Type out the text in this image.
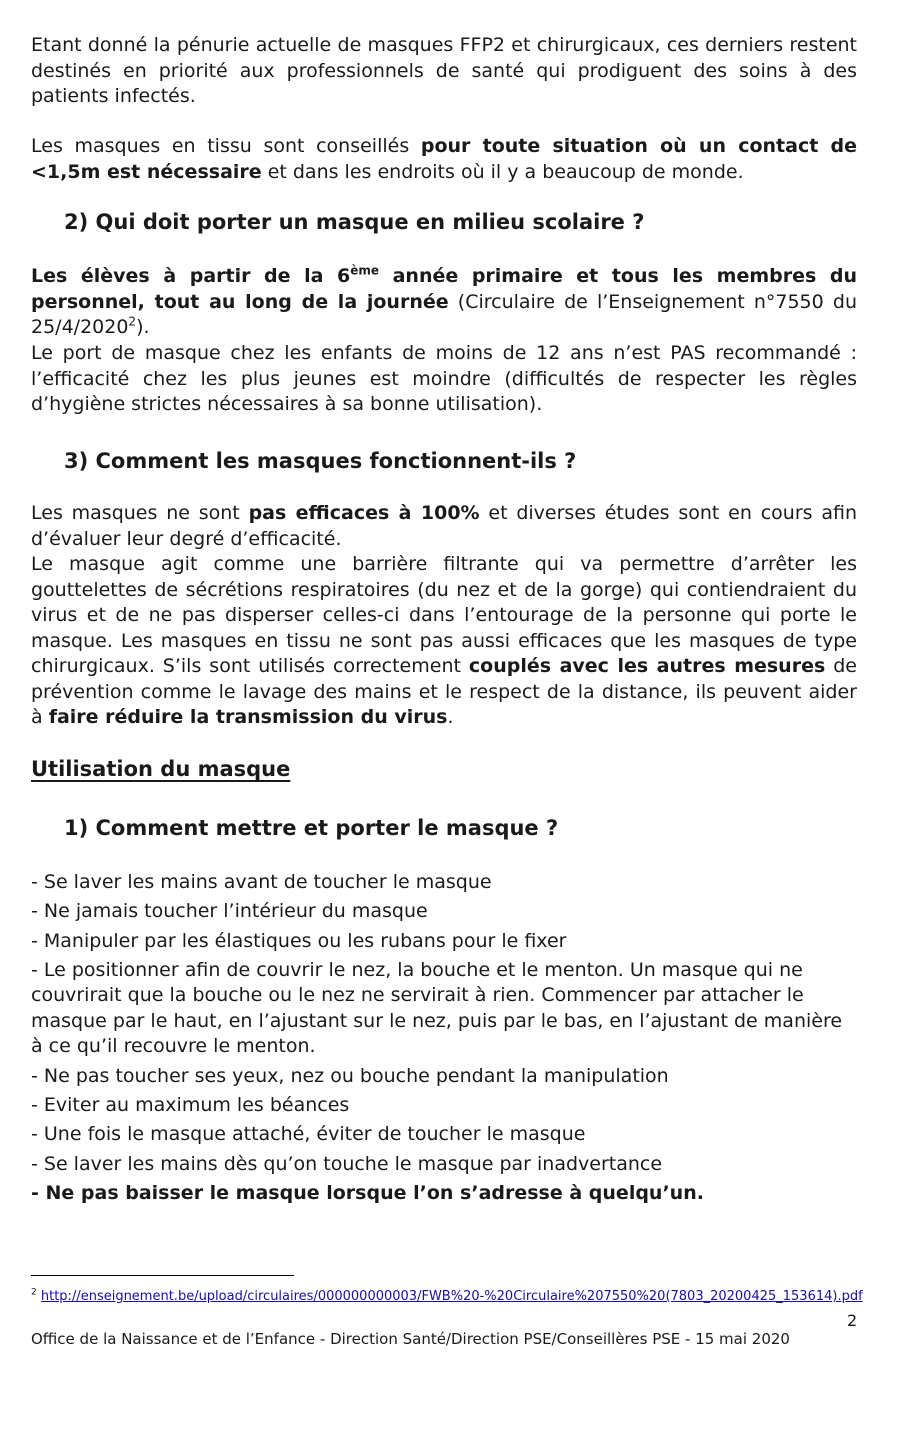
Etant donné la pénurie actuelle de masques FFP2 et chirurgicaux, ces derniers restent destinés en priorité aux professionnels de santé qui prodiguent des soins à des patients infectés.

Les masques en tissu sont conseillés pour toute situation où un contact de <1,5m est nécessaire et dans les endroits où il y a beaucoup de monde.

2) Qui doit porter un masque en milieu scolaire ?

Les élèves à partir de la 6ème année primaire et tous les membres du personnel, tout au long de la journée (Circulaire de l’Enseignement n°7550 du 25/4/2020$^2$).

Le port de masque chez les enfants de moins de 12 ans n’est PAS recommandé : l’efficacité chez les plus jeunes est moindre (difficultés de respecter les règles d’hygiène strictes nécessaires à sa bonne utilisation).

3) Comment les masques fonctionnent-ils ?

Les masques ne sont pas efficaces à 100% et diverses études sont en cours afin d’évaluer leur degré d’efficacité.

Le masque agit comme une barrière filtrante qui va permettre d’arrêter les gouttelettes de sécrétions respiratoires (du nez et de la gorge) qui contiendraient du virus et de ne pas disperser celles-ci dans l’entourage de la personne qui porte le masque. Les masques en tissu ne sont pas aussi efficaces que les masques de type chirurgicaux. S’ils sont utilisés correctement couplés avec les autres mesures de prévention comme le lavage des mains et le respect de la distance, ils peuvent aider à faire réduire la transmission du virus.

Utilisation du masque
1) Comment mettre et porter le masque ?
- Se laver les mains avant de toucher le masque
- Ne jamais toucher l’intérieur du masque
- Manipuler par les élastiques ou les rubans pour le fixer
- Le positionner afin de couvrir le nez, la bouche et le menton. Un masque qui ne couvrirait que la bouche ou le nez ne servirait à rien. Commencer par attacher le masque par le haut, en l’ajustant sur le nez, puis par le bas, en l’ajustant de manière à ce qu’il recouvre le menton.
- Ne pas toucher ses yeux, nez ou bouche pendant la manipulation
- Eviter au maximum les béances
- Une fois le masque attaché, éviter de toucher le masque
- Se laver les mains dès qu’on touche le masque par inadvertance
- Ne pas baisser le masque lorsque l’on s’adresse à quelqu’un.
$^2$ http://enseignement.be/upload/circulaires/000000000003/FWB%20-%20Circulaire%207550%20(7803_20200425_153614).pdf
2
Office de la Naissance et de l’Enfance - Direction Santé/Direction PSE/Conseillères PSE - 15 mai 2020
